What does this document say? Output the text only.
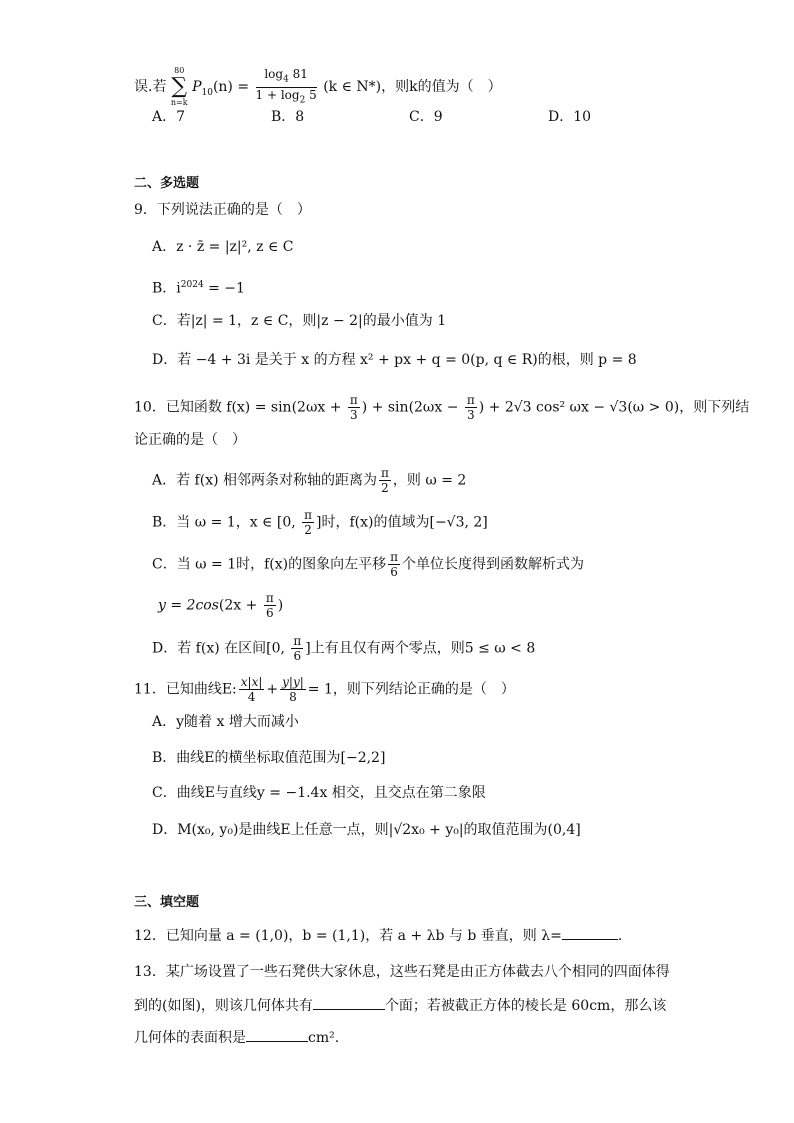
误.若
80
∑
n=k
$P_{10}(n) = \frac{\log_4 81}{1 + \log_2 5} (k$ ∈ N*)，则k的值为（　）
A．7	B．8	C．9	D．10
二、多选题
9．下列说法正确的是（　）
A．z · z̄ = |z|², z ∈ C
B．$i^{2024} = -1$
C．若|z| = 1，z ∈ C，则|z − 2|的最小值为 1
D．若 −4 + 3i 是关于 x 的方程 x² + px + q = 0(p, q ∈ R)的根，则 p = 8
10．已知函数 $f(x) = \sin(2\omega x + \frac{\pi}{3}$ ) + $\sin(2\omega x - \frac{\pi}{3}$ ) + 2√3 cos² ωx − √3(ω > 0)，则下列结
论正确的是（　）
A．若 f(x) 相邻两条对称轴的距离为 $\frac{\pi}{2}$ ，则 ω = 2
B．当 ω = 1，x ∈ [0, $\frac{\pi}{2}$ ]时，f(x)的值域为[−√3, 2]
C．当 ω = 1时，f(x)的图象向左平移 $\frac{\pi}{6}$ 个单位长度得到函数解析式为
$y = 2\cos(2x + \frac{\pi}{6}$ )
D．若 f(x) 在区间[0, $\frac{\pi}{6}$ ]上有且仅有两个零点，则5 ≤ ω < 8
11．已知曲线E: $\frac{x|x|}{4} + \frac{y|y|}{8} = 1$，则下列结论正确的是（　）
A．y随着 x 增大而减小
B．曲线E的横坐标取值范围为[−2,2]
C．曲线E与直线y = −1.4x 相交，且交点在第二象限
D．M(x₀, y₀)是曲线E上任意一点，则|√2x₀ + y₀|的取值范围为(0,4]
三、填空题
12．已知向量 a = (1,0)，b = (1,1)，若 a + λb 与 b 垂直，则 λ=	.
13．某广场设置了一些石凳供大家休息，这些石凳是由正方体截去八个相同的四面体得
到的(如图)，则该几何体共有	个面；若被截正方体的棱长是 60cm，那么该
几何体的表面积是	cm².
